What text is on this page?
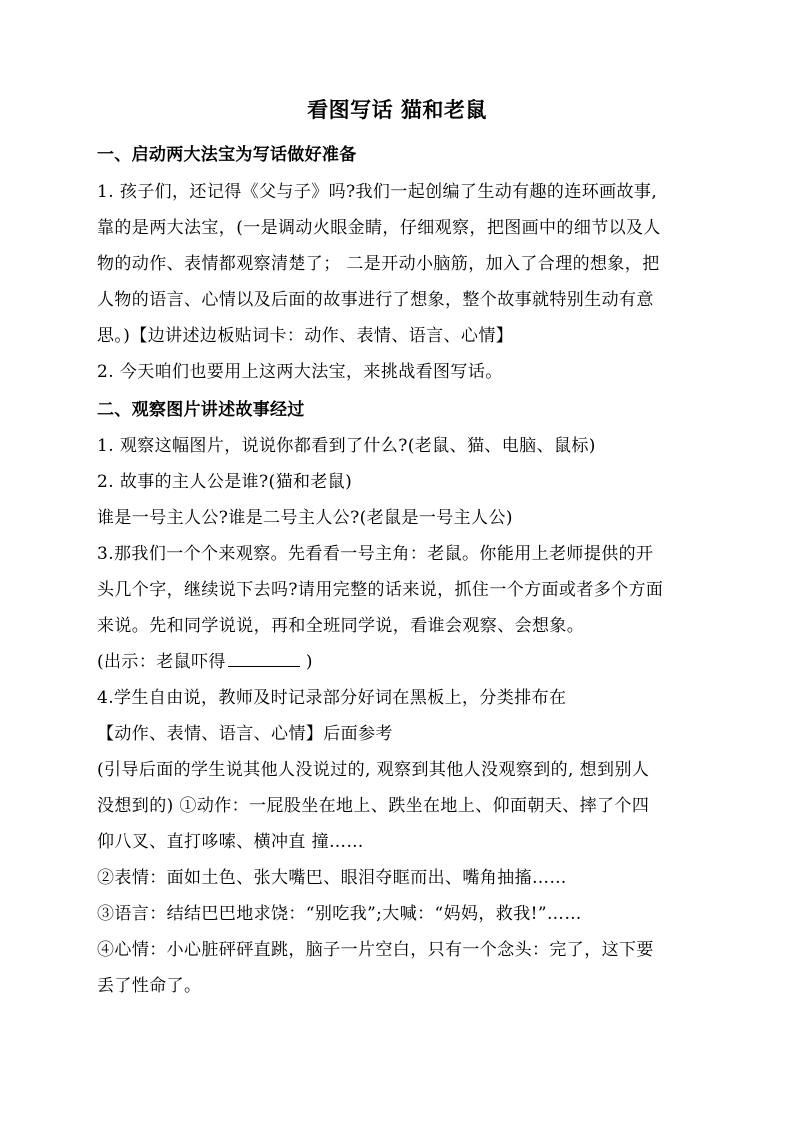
看图写话 猫和老鼠
一、启动两大法宝为写话做好准备
1. 孩子们，还记得《父与子》吗?我们一起创编了生动有趣的连环画故事,
靠的是两大法宝，(一是调动火眼金睛，仔细观察，把图画中的细节以及人
物的动作、表情都观察清楚了； 二是开动小脑筋，加入了合理的想象，把
人物的语言、心情以及后面的故事进行了想象，整个故事就特别生动有意
思。)【边讲述边板贴词卡：动作、表情、语言、心情】
2. 今天咱们也要用上这两大法宝，来挑战看图写话。
二、观察图片讲述故事经过
1. 观察这幅图片，说说你都看到了什么?(老鼠、猫、电脑、鼠标)
2. 故事的主人公是谁?(猫和老鼠)
谁是一号主人公?谁是二号主人公?(老鼠是一号主人公)
3.那我们一个个来观察。先看看一号主角：老鼠。你能用上老师提供的开
头几个字，继续说下去吗?请用完整的话来说，抓住一个方面或者多个方面
来说。先和同学说说，再和全班同学说，看谁会观察、会想象。
(出示：老鼠吓得	)
4.学生自由说，教师及时记录部分好词在黑板上，分类排布在
【动作、表情、语言、心情】后面参考
(引导后面的学生说其他人没说过的, 观察到其他人没观察到的, 想到别人
没想到的) ①动作：一屁股坐在地上、跌坐在地上、仰面朝天、摔了个四
仰八叉、直打哆嗦、横冲直 撞……
②表情：面如土色、张大嘴巴、眼泪夺眶而出、嘴角抽搐……
③语言：结结巴巴地求饶：“别吃我”;大喊：“妈妈，救我!”……
④心情：小心脏砰砰直跳，脑子一片空白，只有一个念头：完了，这下要
丢了性命了。
